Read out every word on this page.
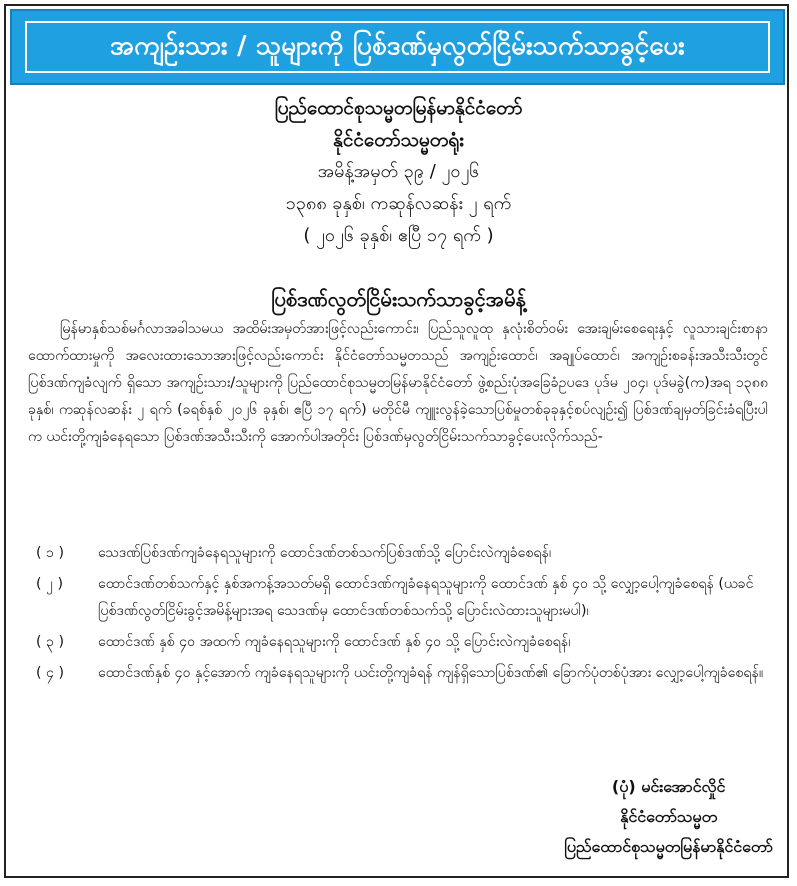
အကျဉ်းသား / သူများကို ပြစ်ဒဏ်မှလွတ်ငြိမ်းသက်သာခွင့်ပေး
ပြည်ထောင်စုသမ္မတမြန်မာနိုင်ငံတော်
နိုင်ငံတော်သမ္မတရုံး
အမိန့်အမှတ် ၃၉ / ၂၀၂၆
၁၃၈၈ ခုနှစ်၊ ကဆုန်လဆန်း ၂ ရက်
( ၂၀၂၆ ခုနှစ်၊ ဧပြီ ၁၇ ရက် )
ပြစ်ဒဏ်လွတ်ငြိမ်းသက်သာခွင့်အမိန့်

မြန်မာနှစ်သစ်မင်္ဂလာအခါသမယ အထိမ်းအမှတ်အားဖြင့်လည်းကောင်း၊ ပြည်သူလူထု နှလုံးစိတ်ဝမ်း အေးချမ်းစေရေးနှင့် လူသားချင်းစာနာထောက်ထားမှုကို အလေးထားသောအားဖြင့်လည်းကောင်း နိုင်ငံတော်သမ္မတသည် အကျဉ်းထောင်၊ အချုပ်ထောင်၊ အကျဉ်းစခန်းအသီးသီးတွင် ပြစ်ဒဏ်ကျခံလျက် ရှိသော အကျဉ်းသား/သူများကို ပြည်ထောင်စုသမ္မတမြန်မာနိုင်ငံတော် ဖွဲ့စည်းပုံအခြေခံဥပဒေ ပုဒ်မ ၂၀၄၊ ပုဒ်မခွဲ(က)အရ ၁၃၈၈ ခုနှစ်၊ ကဆုန်လဆန်း ၂ ရက် (ခရစ်နှစ် ၂၀၂၆ ခုနှစ်၊ ဧပြီ ၁၇ ရက်) မတိုင်မီ ကျူးလွန်ခဲ့သောပြစ်မှုတစ်ခုခုနှင့်စပ်လျဉ်း၍ ပြစ်ဒဏ်ချမှတ်ခြင်းခံရပြီးပါက ယင်းတို့ကျခံနေရသော ပြစ်ဒဏ်အသီးသီးကို အောက်ပါအတိုင်း ပြစ်ဒဏ်မှလွတ်ငြိမ်းသက်သာခွင့်ပေးလိုက်သည်-

( ၁ )	သေဒဏ်ပြစ်ဒဏ်ကျခံနေရသူများကို ထောင်ဒဏ်တစ်သက်ပြစ်ဒဏ်သို့ ပြောင်းလဲကျခံစေရန်၊
( ၂ )	ထောင်ဒဏ်တစ်သက်နှင့် နှစ်အကန့်အသတ်မရှိ ထောင်ဒဏ်ကျခံနေရသူများကို ထောင်ဒဏ် နှစ် ၄၀ သို့ လျှော့ပေါ့ကျခံစေရန် (ယခင် ပြစ်ဒဏ်လွတ်ငြိမ်းခွင့်အမိန့်များအရ သေဒဏ်မှ ထောင်ဒဏ်တစ်သက်သို့ ပြောင်းလဲထားသူများမပါ)၊
( ၃ )	ထောင်ဒဏ် နှစ် ၄၀ အထက် ကျခံနေရသူများကို ထောင်ဒဏ် နှစ် ၄၀ သို့ ပြောင်းလဲကျခံစေရန်၊
( ၄ )	ထောင်ဒဏ်နှစ် ၄၀ နှင့်အောက် ကျခံနေရသူများကို ယင်းတို့ကျခံရန် ကျန်ရှိသောပြစ်ဒဏ်၏ ခြောက်ပုံတစ်ပုံအား လျှော့ပေါ့ကျခံစေရန်။
(ပုံ) မင်းအောင်လှိုင်
နိုင်ငံတော်သမ္မတ
ပြည်ထောင်စုသမ္မတမြန်မာနိုင်ငံတော်
